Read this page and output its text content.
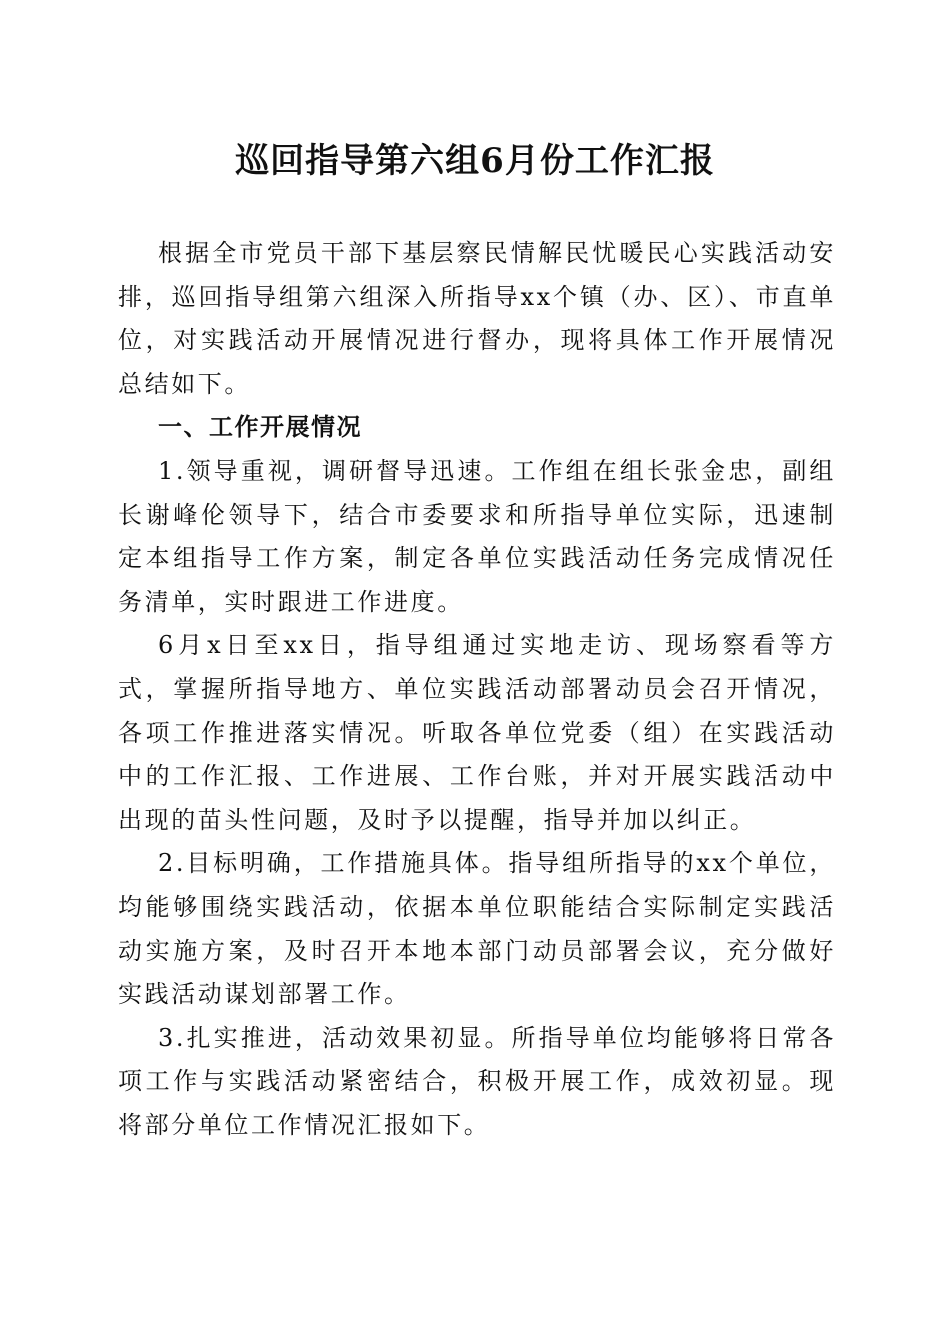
巡回指导第六组6月份工作汇报

根据全市党员干部下基层察民情解民忧暖民心实践活动安排，巡回指导组第六组深入所指导xx个镇（办、区）、市直单位，对实践活动开展情况进行督办，现将具体工作开展情况总结如下。

一、工作开展情况

1.领导重视，调研督导迅速。工作组在组长张金忠，副组长谢峰伦领导下，结合市委要求和所指导单位实际，迅速制定本组指导工作方案，制定各单位实践活动任务完成情况任务清单，实时跟进工作进度。

6月x日至xx日，指导组通过实地走访、现场察看等方式，掌握所指导地方、单位实践活动部署动员会召开情况，各项工作推进落实情况。听取各单位党委（组）在实践活动中的工作汇报、工作进展、工作台账，并对开展实践活动中出现的苗头性问题，及时予以提醒，指导并加以纠正。

2.目标明确，工作措施具体。指导组所指导的xx个单位，均能够围绕实践活动，依据本单位职能结合实际制定实践活动实施方案，及时召开本地本部门动员部署会议，充分做好实践活动谋划部署工作。

3.扎实推进，活动效果初显。所指导单位均能够将日常各项工作与实践活动紧密结合，积极开展工作，成效初显。现将部分单位工作情况汇报如下。
